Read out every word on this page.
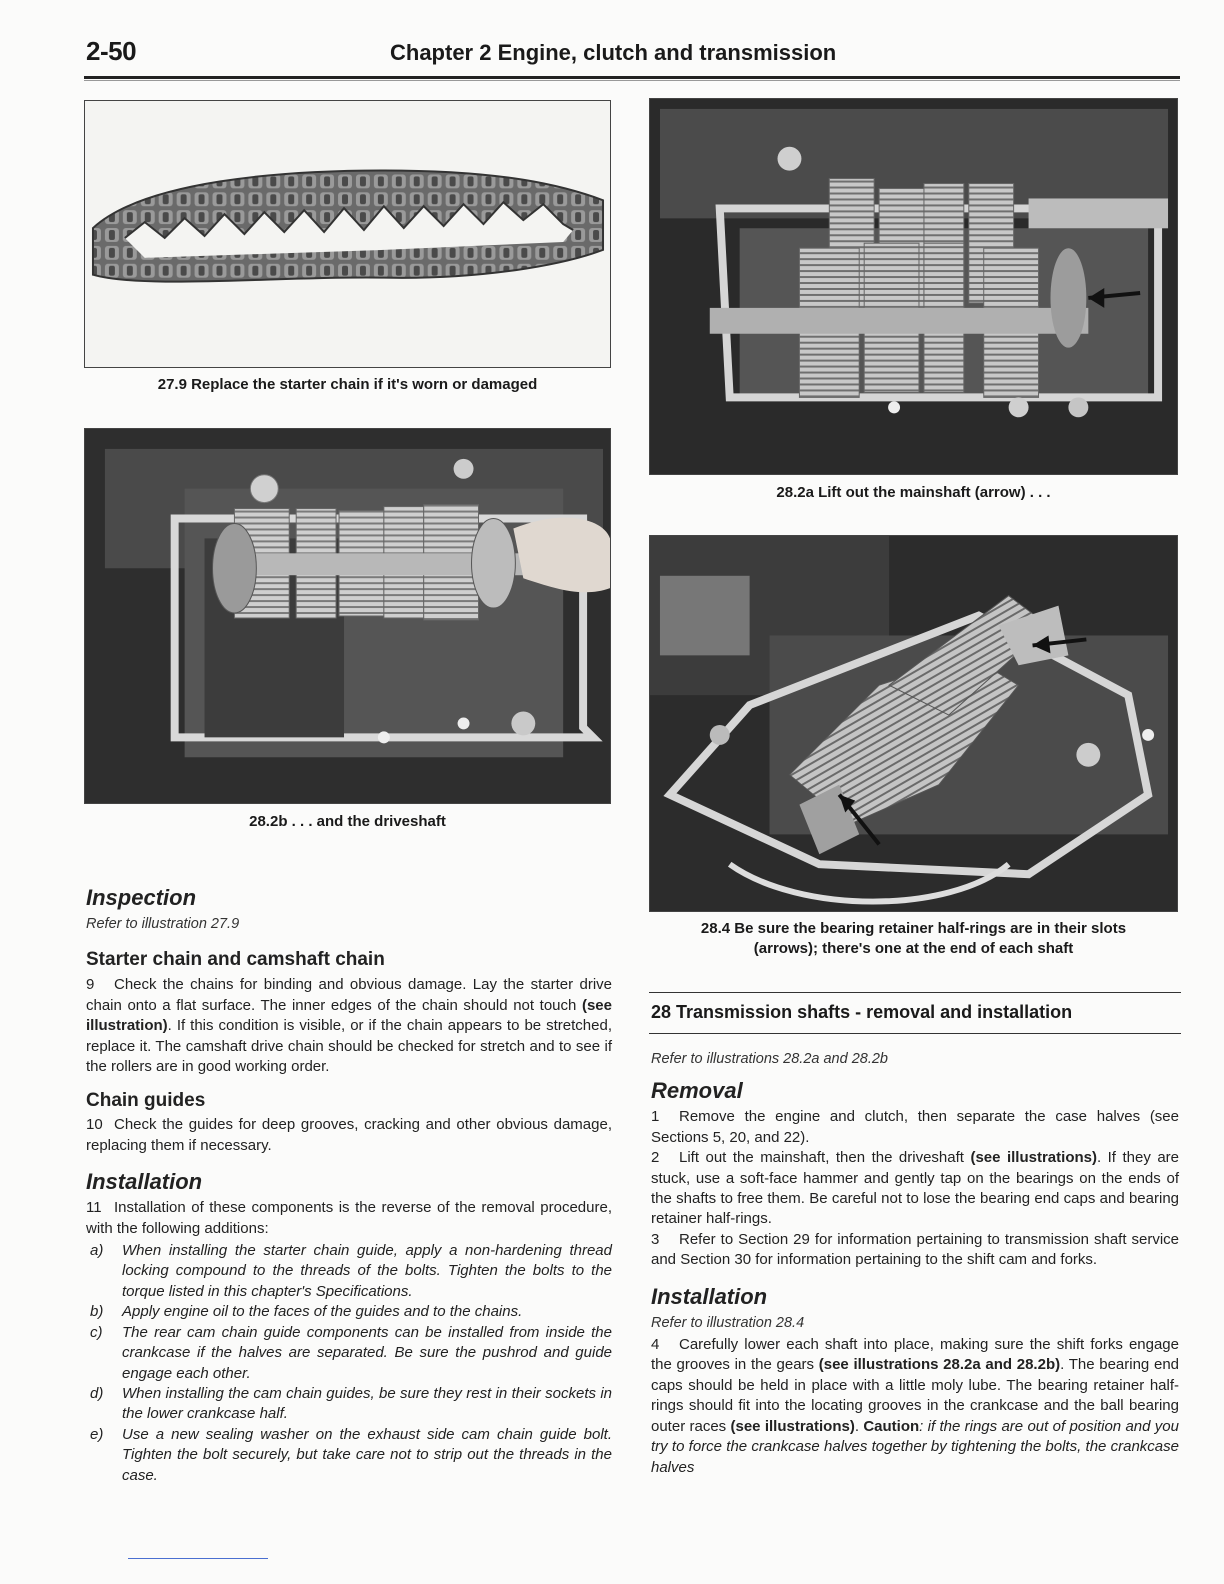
2-50	Chapter 2 Engine, clutch and transmission
27.9 Replace the starter chain if it's worn or damaged
28.2b . . . and the driveshaft
28.2a Lift out the mainshaft (arrow) . . .
28.4 Be sure the bearing retainer half-rings are in their slots
(arrows); there's one at the end of each shaft

Inspection

Refer to illustration 27.9

Starter chain and camshaft chain

9 Check the chains for binding and obvious damage. Lay the starter drive chain onto a flat surface. The inner edges of the chain should not touch (see illustration). If this condition is visible, or if the chain appears to be stretched, replace it. The camshaft drive chain should be checked for stretch and to see if the rollers are in good working order.

Chain guides

10 Check the guides for deep grooves, cracking and other obvious damage, replacing them if necessary.

Installation

11 Installation of these components is the reverse of the removal procedure, with the following additions:

a)	When installing the starter chain guide, apply a non-hardening thread locking compound to the threads of the bolts. Tighten the bolts to the torque listed in this chapter's Specifications.
b)	Apply engine oil to the faces of the guides and to the chains.
c)	The rear cam chain guide components can be installed from inside the crankcase if the halves are separated. Be sure the pushrod and guide engage each other.
d)	When installing the cam chain guides, be sure they rest in their sockets in the lower crankcase half.
e)	Use a new sealing washer on the exhaust side cam chain guide bolt. Tighten the bolt securely, but take care not to strip out the threads in the case.
28 Transmission shafts - removal and installation

Refer to illustrations 28.2a and 28.2b

Removal

1 Remove the engine and clutch, then separate the case halves (see Sections 5, 20, and 22).

2 Lift out the mainshaft, then the driveshaft (see illustrations). If they are stuck, use a soft-face hammer and gently tap on the bearings on the ends of the shafts to free them. Be careful not to lose the bearing end caps and bearing retainer half-rings.

3 Refer to Section 29 for information pertaining to transmission shaft service and Section 30 for information pertaining to the shift cam and forks.

Installation

Refer to illustration 28.4

4 Carefully lower each shaft into place, making sure the shift forks engage the grooves in the gears (see illustrations 28.2a and 28.2b). The bearing end caps should be held in place with a little moly lube. The bearing retainer half-rings should fit into the locating grooves in the crankcase and the ball bearing outer races (see illustrations). Caution: if the rings are out of position and you try to force the crankcase halves together by tightening the bolts, the crankcase halves
